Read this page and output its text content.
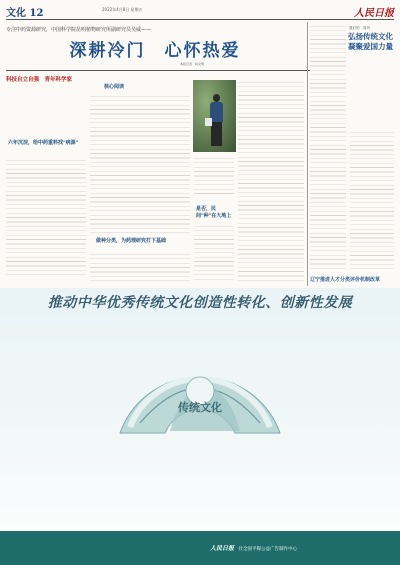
文化 12	2022年4月8日 星期五	人民日报
专注中药资源研究，中国科学院昆明植物研究所副研究员吴威——
深耕冷门　心怀热爱
本报记者　杨文明
科技自立自强　青年科学家

六年沉淀，给中药重料找"病源"
核心阅读
做种分类，为药理研究打下基础
是否，民间"种"在大地上
我们的　周刊
弘扬传统文化　凝聚爱国力量
辽宁推进人才分类评价机制改革
推动中华优秀传统文化创造性转化、创新性发展
传统文化
人民日报 社全国平媒公益广告制作中心
